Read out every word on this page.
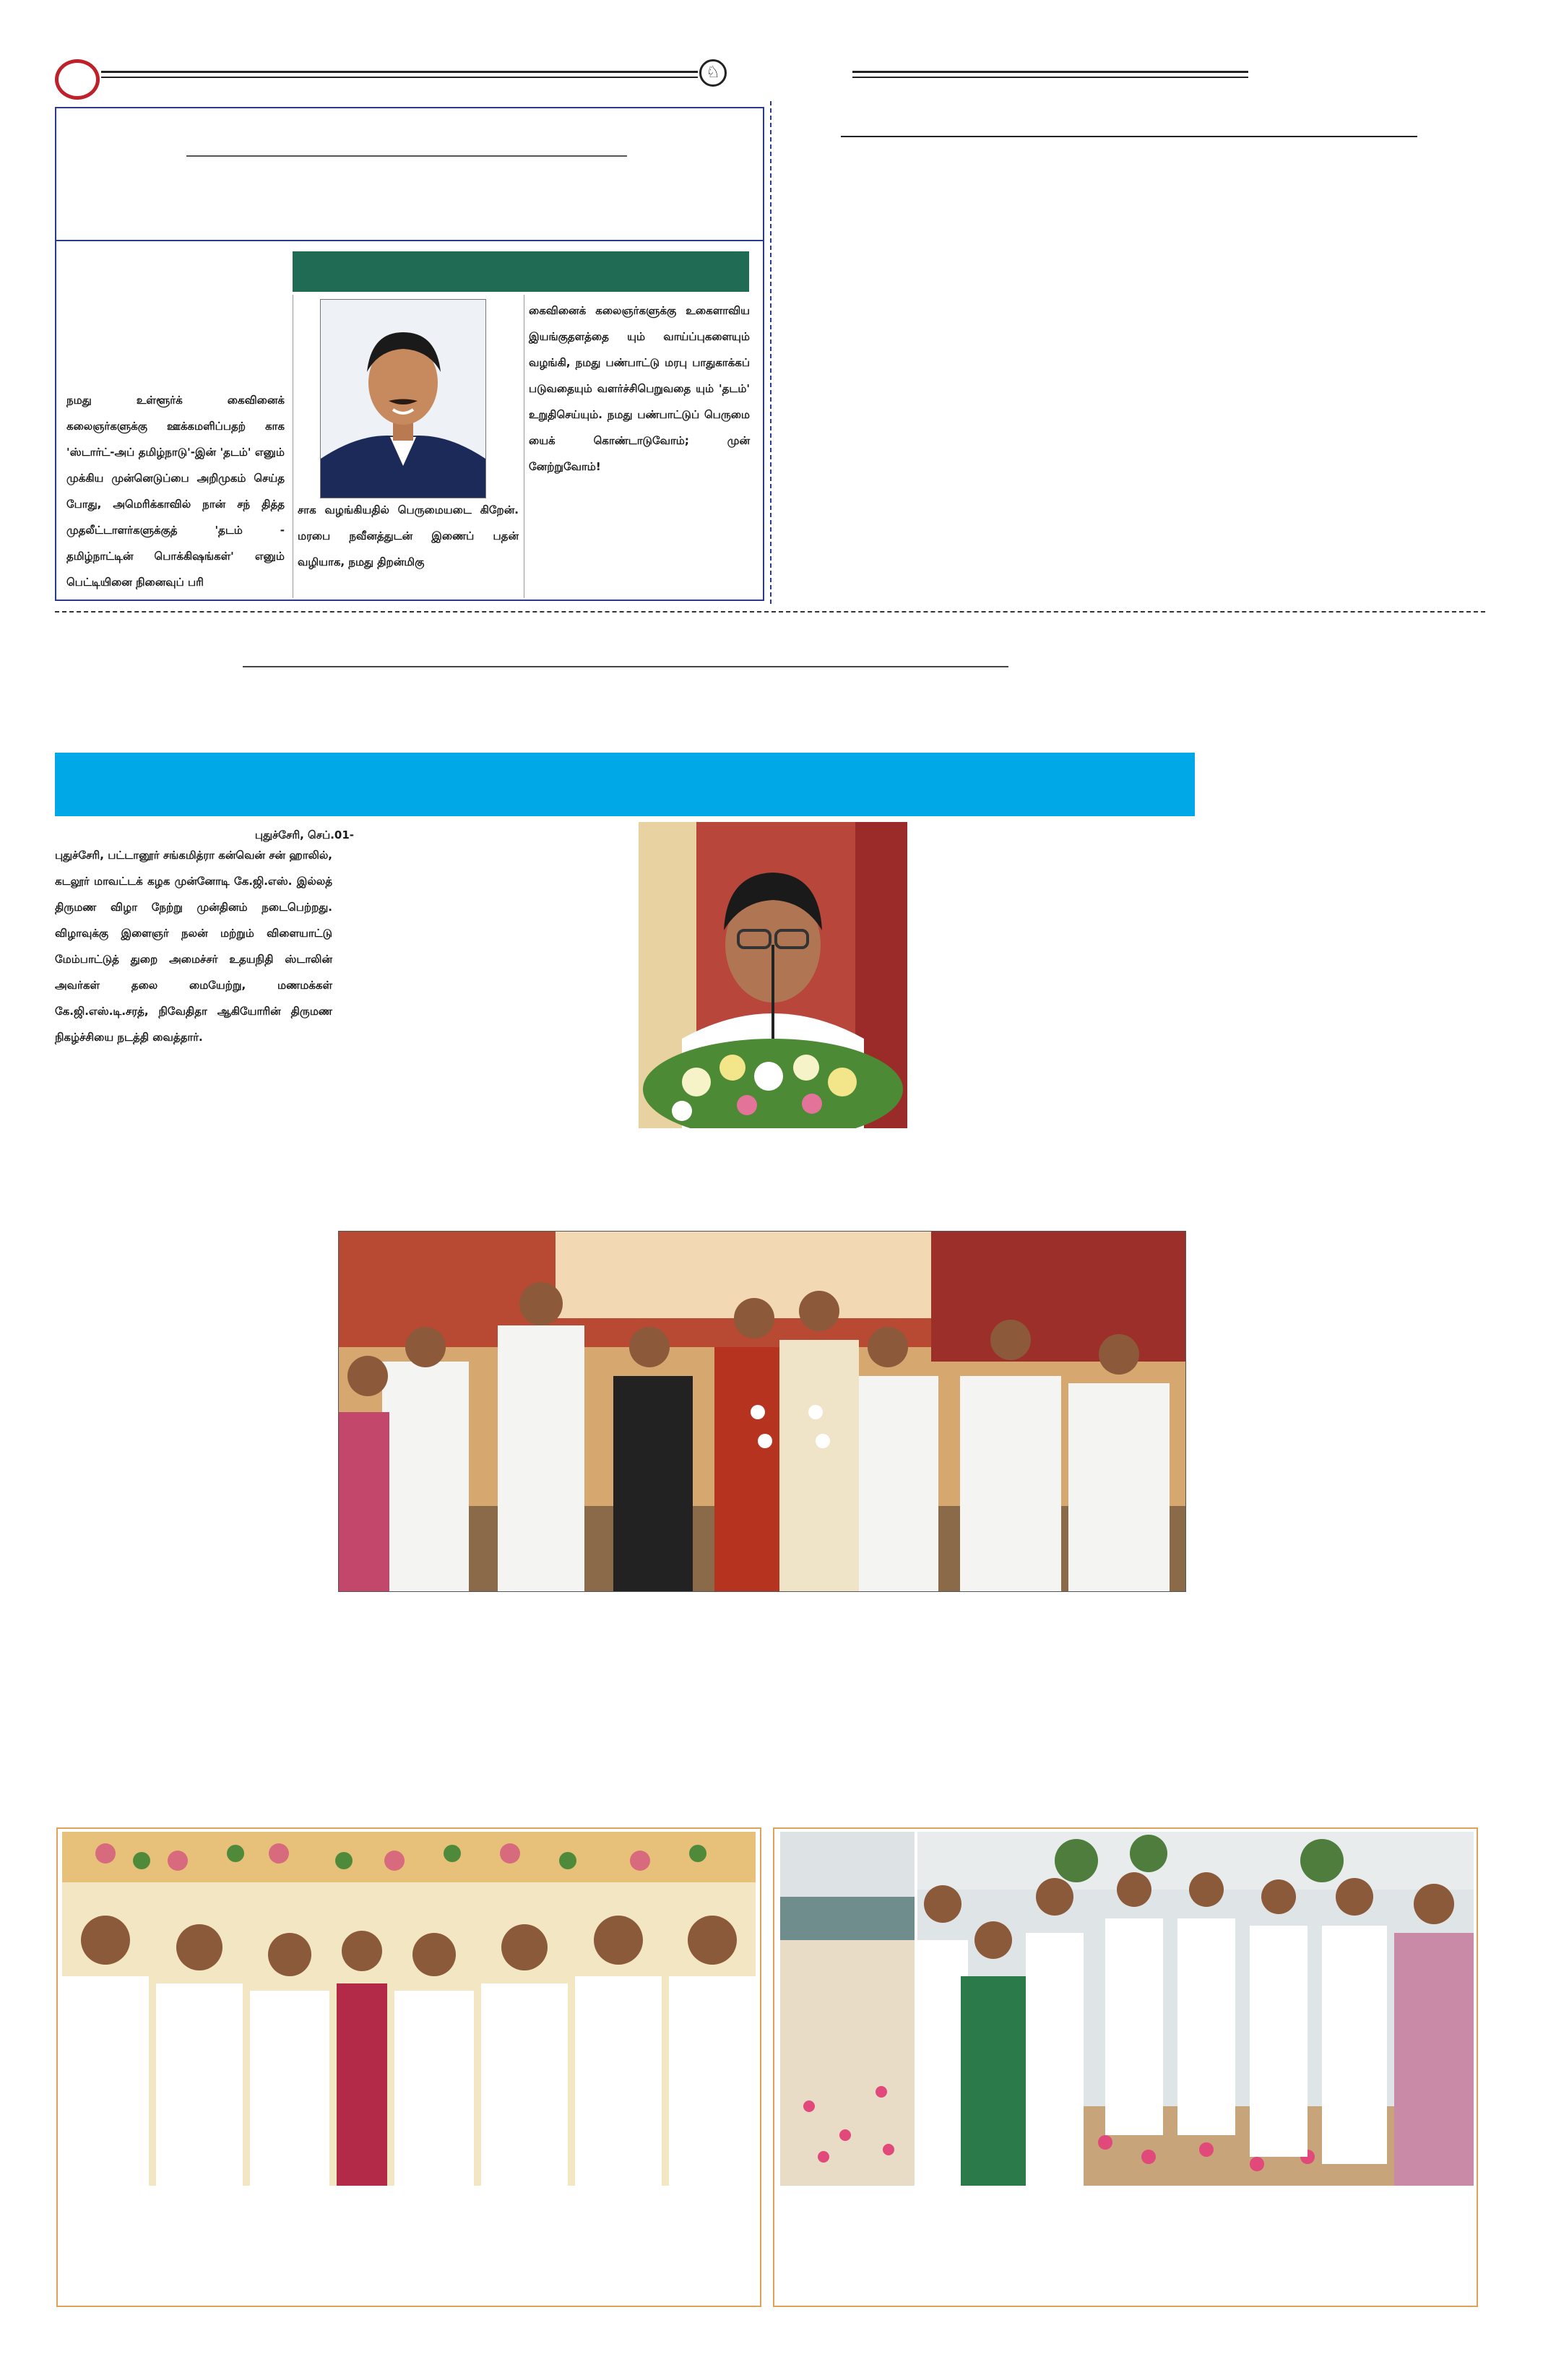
♘
நமது உள்ளூர்க் கைவினைக் கலைஞர்களுக்கு ஊக்கமளிப்பதற் காக 'ஸ்டார்ட்-அப் தமிழ்நாடு'-இன் 'தடம்' எனும் முக்கிய முன்னெடுப்பை அறிமுகம் செய்த போது, அமெரிக்காவில் நான் சந் தித்த முதலீட்டாளர்களுக்குத் 'தடம் - தமிழ்நாட்டின் பொக்கிஷங்கள்' எனும் பெட்டியினை நினைவுப் பரி
சாக வழங்கியதில் பெருமையடை கிறேன். மரபை நவீனத்துடன் இணைப் பதன் வழியாக, நமது திறன்மிகு
கைவினைக் கலைஞர்களுக்கு உகைளாவிய இயங்குதளத்தை யும் வாய்ப்புகளையும் வழங்கி, நமது பண்பாட்டு மரபு பாதுகாக்கப் படுவதையும் வளர்ச்சிபெறுவதை யும் 'தடம்' உறுதிசெய்யும். நமது பண்பாட்டுப் பெருமை யைக் கொண்டாடுவோம்; முன் னேற்றுவோம்!
புதுச்சேரி, செப்.01-
புதுச்சேரி, பட்டானூர் சங்கமித்ரா கன்வென் சன் ஹாலில், கடலூர் மாவட்டக் கழக முன்னோடி கே.ஜி.எஸ். இல்லத் திருமண விழா நேற்று முன்தினம் நடைபெற்றது. விழாவுக்கு இளைஞர் நலன் மற்றும் விளையாட்டு மேம்பாட்டுத் துறை அமைச்சர் உதயநிதி ஸ்டாலின் அவர்கள் தலை மையேற்று, மணமக்கள் கே.ஜி.எஸ்.டி.சரத், நிவேதிதா ஆகியோரின் திருமண நிகழ்ச்சியை நடத்தி வைத்தார்.
